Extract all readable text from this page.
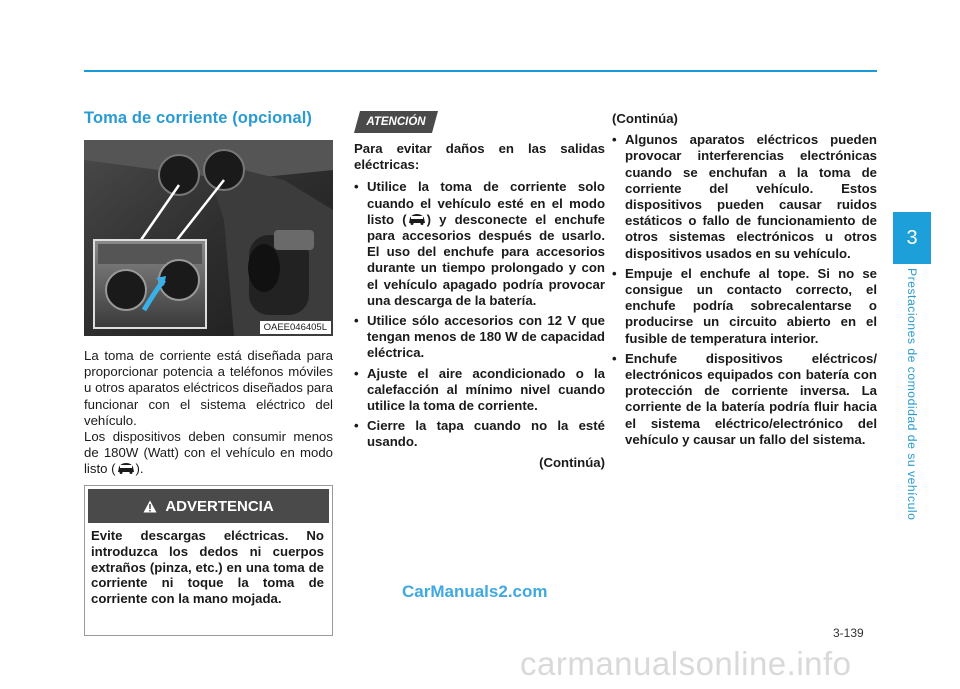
Toma de corriente (opcional)
OAEE046405L

La toma de corriente está diseñada para proporcionar potencia a teléfonos móviles u otros aparatos eléctricos diseñados para funcionar con el sistema eléctrico del vehículo.

Los dispositivos deben consumir menos de 180W (Watt) con el vehículo en modo listo ( ).

ADVERTENCIA

Evite descargas eléctricas. No introduzca los dedos ni cuerpos extraños (pinza, etc.) en una toma de corriente ni toque la toma de corriente con la mano mojada.

ATENCIÓN

Para evitar daños en las salidas eléctricas:

• Utilice la toma de corriente solo cuando el vehículo esté en el modo listo ( ) y desconecte el enchufe para accesorios después de usarlo. El uso del enchufe para accesorios durante un tiempo prolongado y con el vehículo apagado podría provocar una descarga de la batería.
• Utilice sólo accesorios con 12 V que tengan menos de 180 W de capacidad eléctrica.
• Ajuste el aire acondicionado o la calefacción al mínimo nivel cuando utilice la toma de corriente.
• Cierre la tapa cuando no la esté usando.

(Continúa)

(Continúa)

• Algunos aparatos eléctricos pueden provocar interferencias electrónicas cuando se enchufan a la toma de corriente del vehículo. Estos dispositivos pueden causar ruidos estáticos o fallo de funcionamiento de otros sistemas electrónicos u otros dispositivos usados en su vehículo.
• Empuje el enchufe al tope. Si no se consigue un contacto correcto, el enchufe podría sobrecalentarse o producirse un circuito abierto en el fusible de temperatura interior.
• Enchufe dispositivos eléctricos/ electrónicos equipados con batería con protección de corriente inversa. La corriente de la batería podría fluir hacia el sistema eléctrico/electrónico del vehículo y causar un fallo del sistema.
3
Prestaciones de comodidad de su vehículo
3-139
CarManuals2.com
carmanualsonline.info
